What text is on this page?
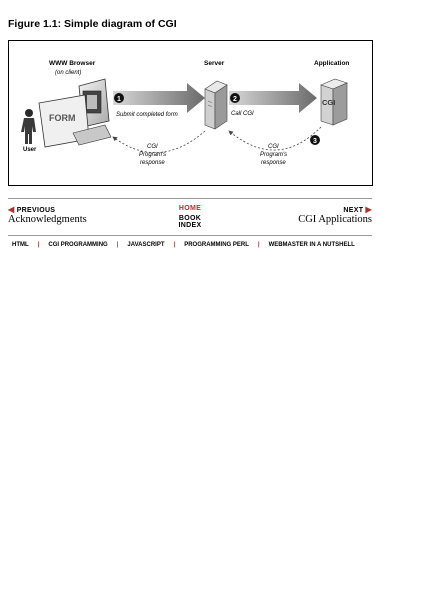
Figure 1.1: Simple diagram of CGI
WWW Browser
(on client)
Server	Application
FORM
User
1
Submit completed form
2
Call CGI
CGI
3
CGI
Program's
response
CGI
Program's
response
◀ PREVIOUS
Acknowledgments
HOME
BOOK INDEX
NEXT ▶
CGI Applications
HTML | CGI PROGRAMMING | JAVASCRIPT | PROGRAMMING PERL | WEBMASTER IN A NUTSHELL
